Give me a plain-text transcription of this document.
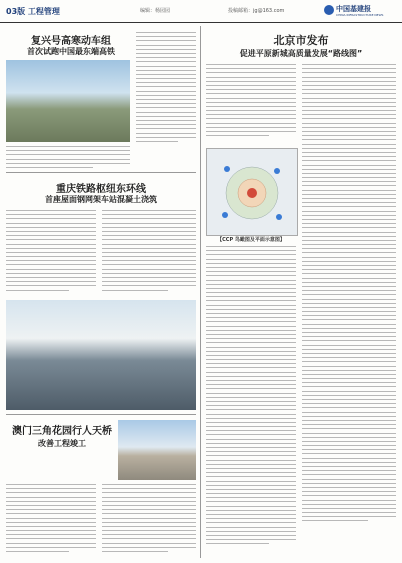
03版 工程管理	编辑：杨园园	投稿邮箱：jg@163.com	中国基建报
CHINA INFRASTRUCTURE NEWS
复兴号高寒动车组
首次试跑中国最东端高铁
重庆铁路枢纽东环线
首座屋面钢网架车站混凝土浇筑
澳门三角花园行人天桥
改善工程竣工
北京市发布
促进平原新城高质量发展“路线图”
【CCP 鸟瞰图及平面示意图】
